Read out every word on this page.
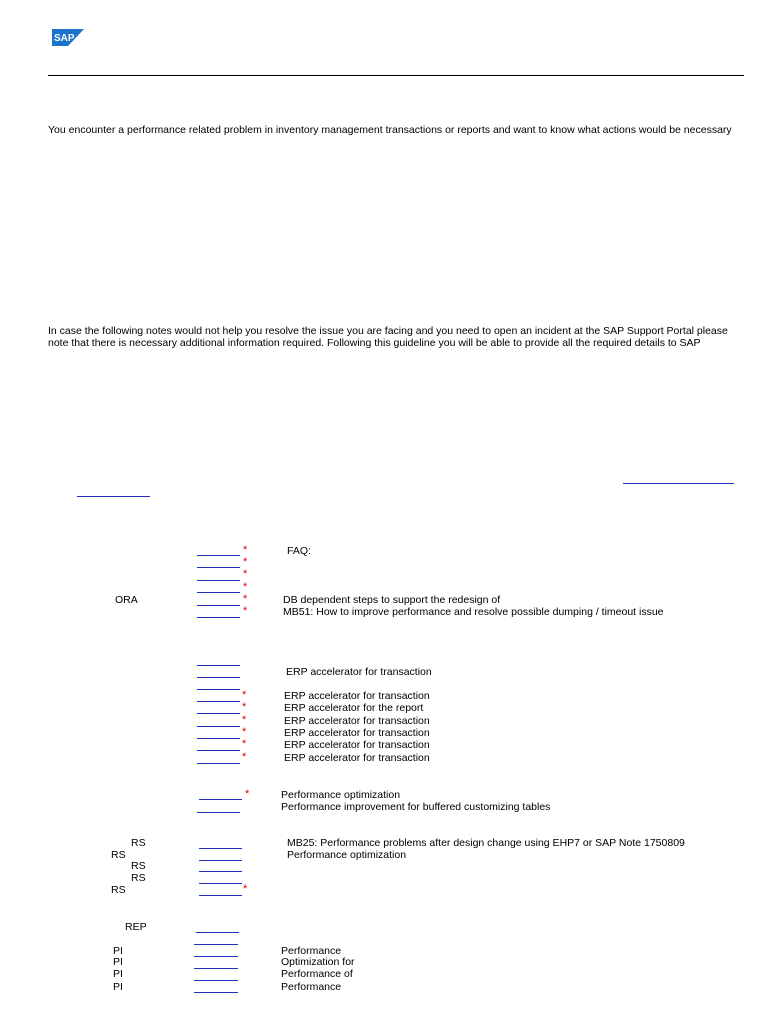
SAP
You encounter a performance related problem in inventory management transactions or reports and want to know what actions would be necessary
In case the following notes would not help you resolve the issue you are facing and you need to open an incident at the SAP Support Portal please
note that there is necessary additional information required. Following this guideline you will be able to provide all the required details to SAP
*	FAQ:
*
*
*
ORA	*	DB dependent steps to support the redesign of
*	MB51: How to improve performance and resolve possible dumping / timeout issue
ERP accelerator for transaction
*	ERP accelerator for transaction
*	ERP accelerator for the report
*	ERP accelerator for transaction
*	ERP accelerator for transaction
*	ERP accelerator for transaction
*	ERP accelerator for transaction
*	Performance optimization
Performance improvement for buffered customizing tables
RS	MB25: Performance problems after design change using EHP7 or SAP Note 1750809
RS	Performance optimization
RS
RS
RS	*
REP
PI	Performance
PI	Optimization for
PI	Performance of
PI	Performance
